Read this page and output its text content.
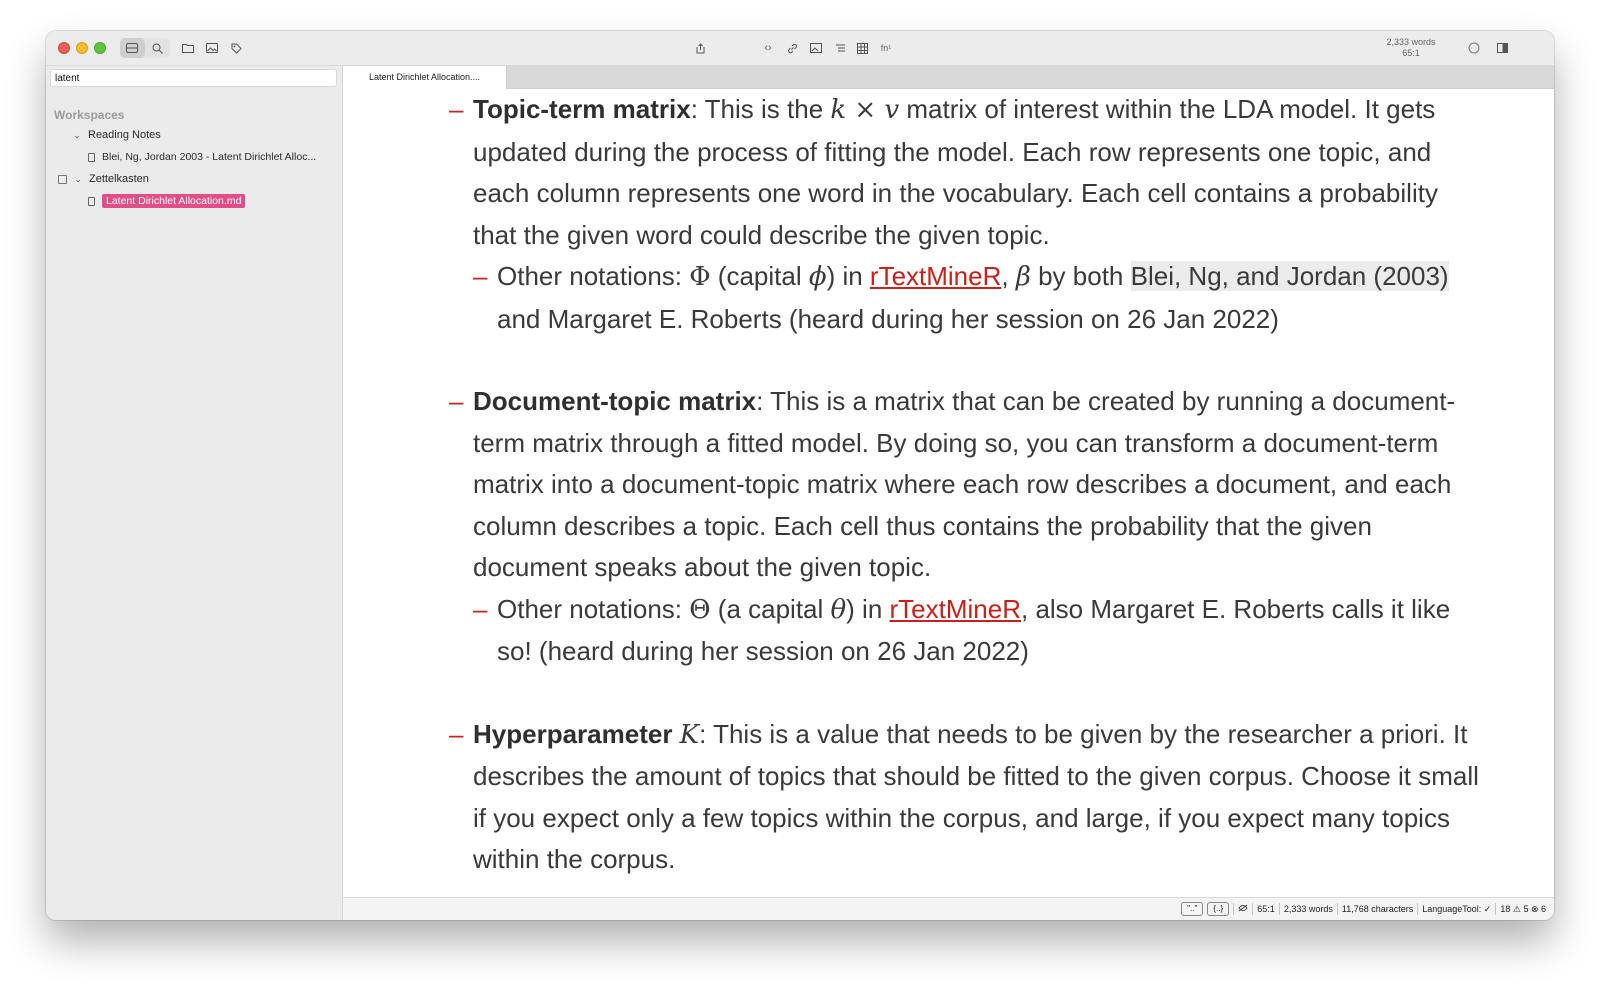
‹›	fn¹
2,333 words
65:1
latent
Workspaces
⌄ Reading Notes
Blei, Ng, Jordan 2003 - Latent Dirichlet Alloc...
⌄ Zettelkasten
Latent Dirichlet Allocation.md
Latent Dirichlet Allocation....
– Topic-term matrix: This is the k × v matrix of interest within the LDA model. It gets updated during the process of fitting the model. Each row represents one topic, and each column represents one word in the vocabulary. Each cell contains a probability that the given word could describe the given topic.
– Other notations: Φ (capital ϕ) in rTextMineR, β by both Blei, Ng, and Jordan (2003) and Margaret E. Roberts (heard during her session on 26 Jan 2022)
– Document-topic matrix: This is a matrix that can be created by running a document-term matrix through a fitted model. By doing so, you can transform a document-term matrix into a document-topic matrix where each row describes a document, and each column describes a topic. Each cell thus contains the probability that the given document speaks about the given topic.
– Other notations: Θ (a capital θ) in rTextMineR, also Margaret E. Roberts calls it like so! (heard during her session on 26 Jan 2022)
– Hyperparameter K: This is a value that needs to be given by the researcher a priori. It describes the amount of topics that should be fitted to the given corpus. Choose it small if you expect only a few topics within the corpus, and large, if you expect many topics within the corpus.
".."	{..}	65:1 2,333 words 11,768 characters LanguageTool: ✓ 18 ⚠ 5 ⊗ 6
